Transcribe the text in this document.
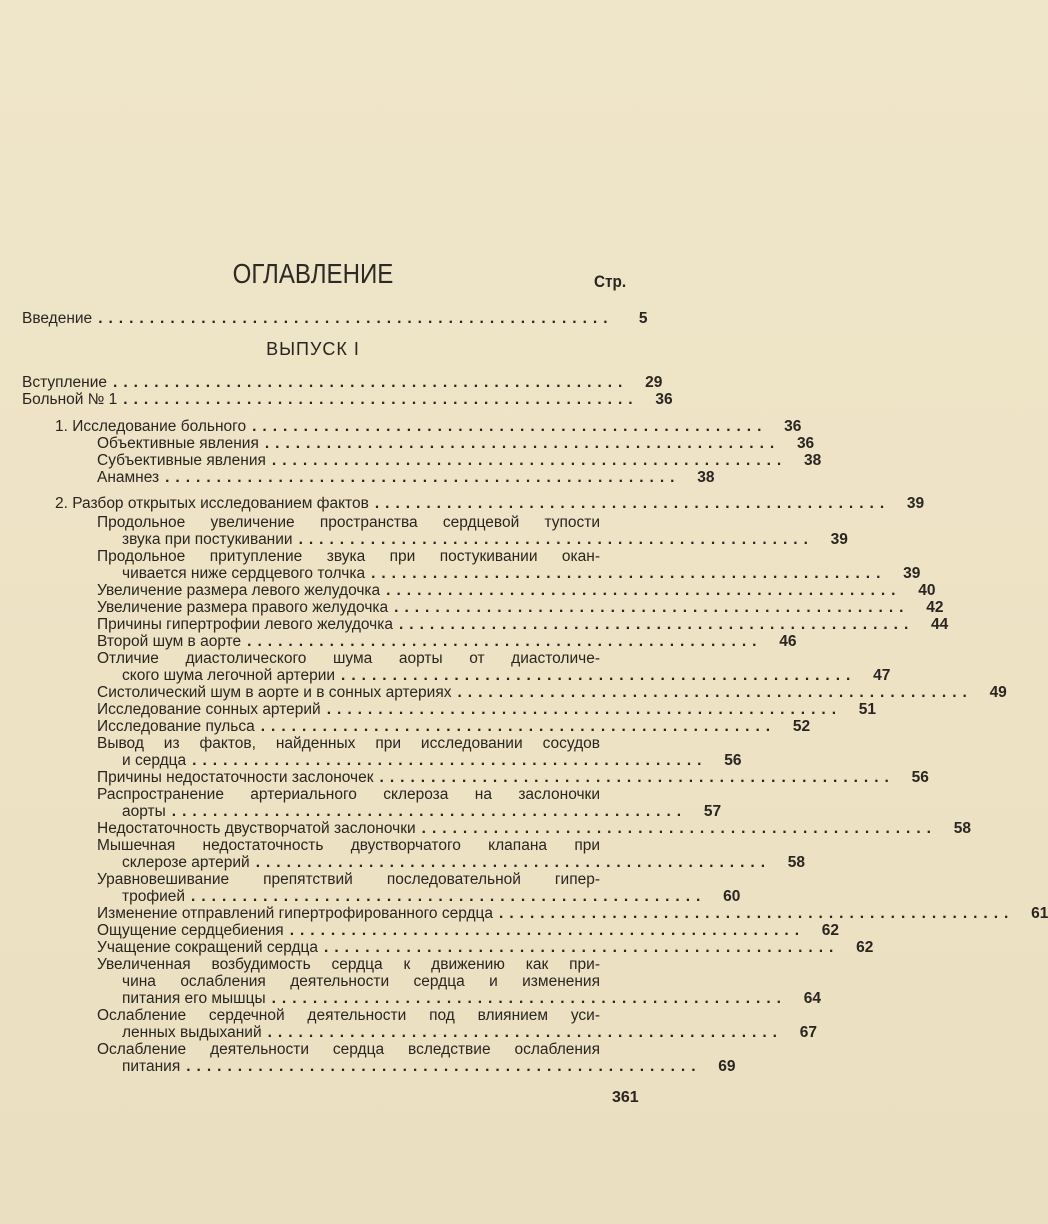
ОГЛАВЛЕНИЕ	Стр.
Введение ..................................................	5
ВЫПУСК I
Вступление ..................................................	29
Больной № 1 ..................................................	36
1. Исследование больного ..................................................	36
Объективные явления ..................................................	36
Субъективные явления ..................................................	38
Анамнез ..................................................	38
2. Разбор открытых исследованием фактов ..................................................	39
Продольное увеличение пространства сердцевой тупости
звука при постукивании ..................................................	39
Продольное притупление звука при постукивании окан-
чивается ниже сердцевого толчка ..................................................	39
Увеличение размера левого желудочка ..................................................	40
Увеличение размера правого желудочка ..................................................	42
Причины гипертрофии левого желудочка ..................................................	44
Второй шум в аорте ..................................................	46
Отличие диастолического шума аорты от диастоличе-
ского шума легочной артерии ..................................................	47
Систолический шум в аорте и в сонных артериях ..................................................	49
Исследование сонных артерий ..................................................	51
Исследование пульса ..................................................	52
Вывод из фактов, найденных при исследовании сосудов
и сердца ..................................................	56
Причины недостаточности заслоночек ..................................................	56
Распространение артериального склероза на заслоночки
аорты ..................................................	57
Недостаточность двустворчатой заслоночки ..................................................	58
Мышечная недостаточность двустворчатого клапана при
склерозе артерий ..................................................	58
Уравновешивание препятствий последовательной гипер-
трофией ..................................................	60
Изменение отправлений гипертрофированного сердца ..................................................	61
Ощущение сердцебиения ..................................................	62
Учащение сокращений сердца ..................................................	62
Увеличенная возбудимость сердца к движению как при-
чина ослабления деятельности сердца и изменения
питания его мышцы ..................................................	64
Ослабление сердечной деятельности под влиянием уси-
ленных выдыханий ..................................................	67
Ослабление деятельности сердца вследствие ослабления
питания ..................................................	69
361
